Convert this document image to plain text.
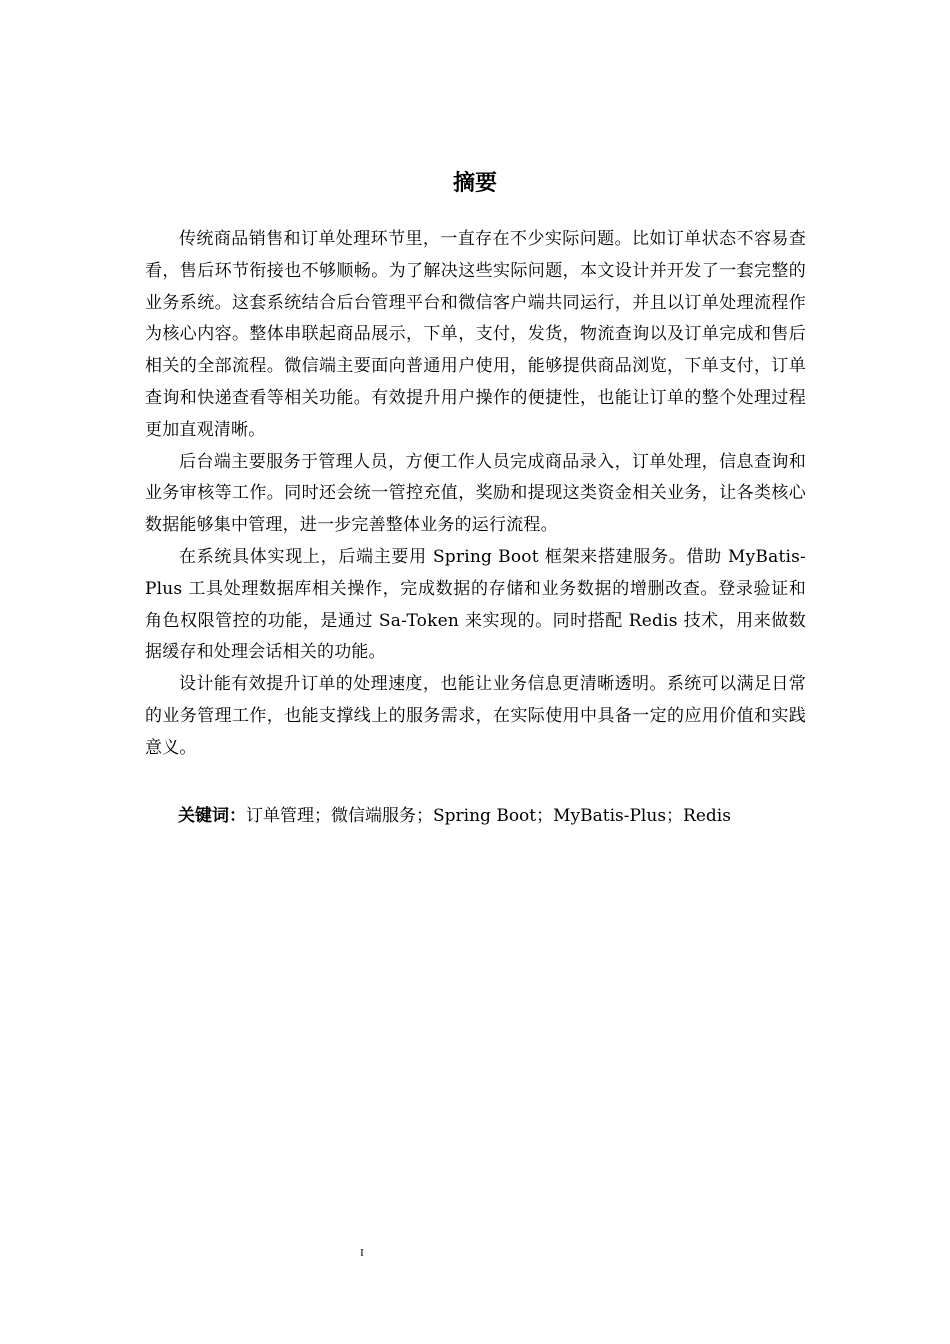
摘要

传统商品销售和订单处理环节里，一直存在不少实际问题。比如订单状态不容易查看，售后环节衔接也不够顺畅。为了解决这些实际问题，本文设计并开发了一套完整的业务系统。这套系统结合后台管理平台和微信客户端共同运行，并且以订单处理流程作为核心内容。整体串联起商品展示，下单，支付，发货，物流查询以及订单完成和售后相关的全部流程。微信端主要面向普通用户使用，能够提供商品浏览，下单支付，订单查询和快递查看等相关功能。有效提升用户操作的便捷性，也能让订单的整个处理过程更加直观清晰。

后台端主要服务于管理人员，方便工作人员完成商品录入，订单处理，信息查询和业务审核等工作。同时还会统一管控充值，奖励和提现这类资金相关业务，让各类核心数据能够集中管理，进一步完善整体业务的运行流程。

在系统具体实现上，后端主要用 Spring Boot 框架来搭建服务。借助 MyBatis-Plus 工具处理数据库相关操作，完成数据的存储和业务数据的增删改查。登录验证和角色权限管控的功能，是通过 Sa-Token 来实现的。同时搭配 Redis 技术，用来做数据缓存和处理会话相关的功能。

设计能有效提升订单的处理速度，也能让业务信息更清晰透明。系统可以满足日常的业务管理工作，也能支撑线上的服务需求，在实际使用中具备一定的应用价值和实践意义。

关键词：订单管理；微信端服务；Spring Boot；MyBatis-Plus；Redis
I
